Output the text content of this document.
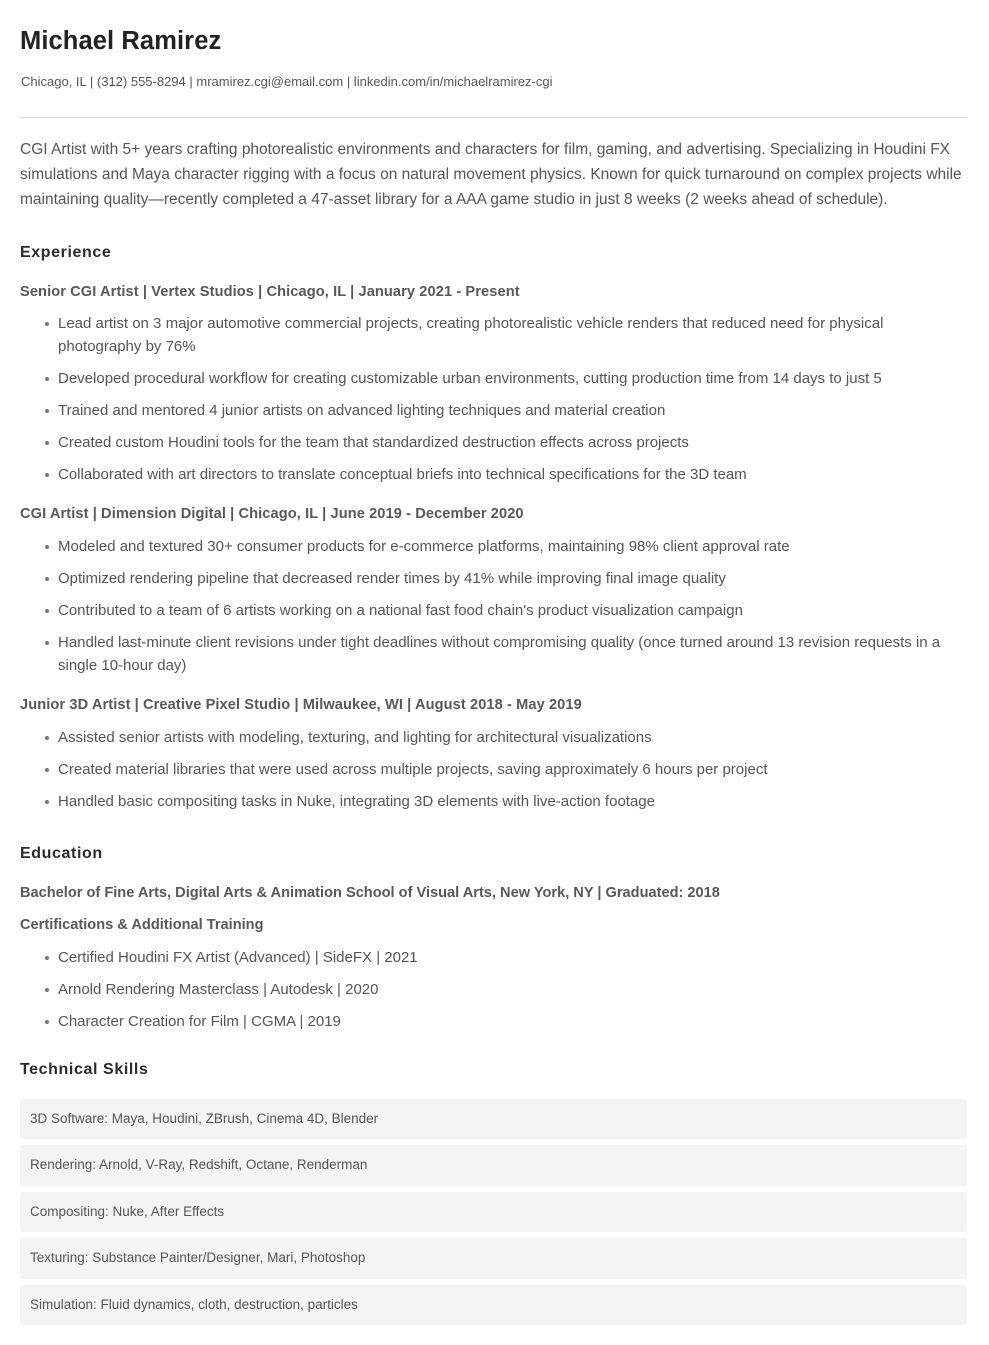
Michael Ramirez
Chicago, IL | (312) 555-8294 | mramirez.cgi@email.com | linkedin.com/in/michaelramirez-cgi

CGI Artist with 5+ years crafting photorealistic environments and characters for film, gaming, and advertising. Specializing in Houdini FX simulations and Maya character rigging with a focus on natural movement physics. Known for quick turnaround on complex projects while maintaining quality—recently completed a 47-asset library for a AAA game studio in just 8 weeks (2 weeks ahead of schedule).

Experience
Senior CGI Artist | Vertex Studios | Chicago, IL | January 2021 - Present
Lead artist on 3 major automotive commercial projects, creating photorealistic vehicle renders that reduced need for physical photography by 76%
Developed procedural workflow for creating customizable urban environments, cutting production time from 14 days to just 5
Trained and mentored 4 junior artists on advanced lighting techniques and material creation
Created custom Houdini tools for the team that standardized destruction effects across projects
Collaborated with art directors to translate conceptual briefs into technical specifications for the 3D team
CGI Artist | Dimension Digital | Chicago, IL | June 2019 - December 2020
Modeled and textured 30+ consumer products for e-commerce platforms, maintaining 98% client approval rate
Optimized rendering pipeline that decreased render times by 41% while improving final image quality
Contributed to a team of 6 artists working on a national fast food chain's product visualization campaign
Handled last-minute client revisions under tight deadlines without compromising quality (once turned around 13 revision requests in a single 10-hour day)
Junior 3D Artist | Creative Pixel Studio | Milwaukee, WI | August 2018 - May 2019
Assisted senior artists with modeling, texturing, and lighting for architectural visualizations
Created material libraries that were used across multiple projects, saving approximately 6 hours per project
Handled basic compositing tasks in Nuke, integrating 3D elements with live-action footage
Education
Bachelor of Fine Arts, Digital Arts & Animation School of Visual Arts, New York, NY | Graduated: 2018
Certifications & Additional Training
Certified Houdini FX Artist (Advanced) | SideFX | 2021
Arnold Rendering Masterclass | Autodesk | 2020
Character Creation for Film | CGMA | 2019
Technical Skills
3D Software: Maya, Houdini, ZBrush, Cinema 4D, Blender
Rendering: Arnold, V-Ray, Redshift, Octane, Renderman
Compositing: Nuke, After Effects
Texturing: Substance Painter/Designer, Mari, Photoshop
Simulation: Fluid dynamics, cloth, destruction, particles
